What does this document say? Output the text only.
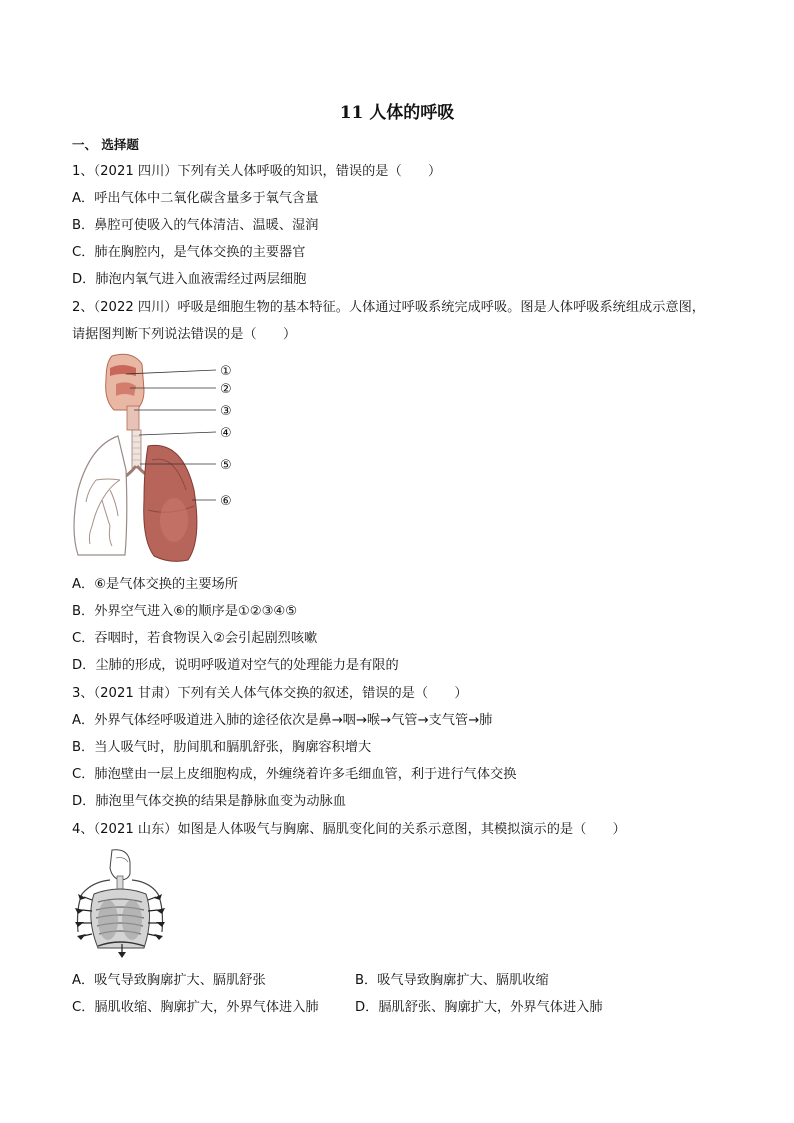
11 人体的呼吸
一、 选择题
1、（2021 四川）下列有关人体呼吸的知识，错误的是（　　）
A．呼出气体中二氧化碳含量多于氧气含量
B．鼻腔可使吸入的气体清洁、温暖、湿润
C．肺在胸腔内，是气体交换的主要器官
D．肺泡内氧气进入血液需经过两层细胞
2、（2022 四川）呼吸是细胞生物的基本特征。人体通过呼吸系统完成呼吸。图是人体呼吸系统组成示意图，
请据图判断下列说法错误的是（　　）
①
②
③
④
⑤
⑥
A．⑥是气体交换的主要场所
B．外界空气进入⑥的顺序是①②③④⑤
C．吞咽时，若食物误入②会引起剧烈咳嗽
D．尘肺的形成，说明呼吸道对空气的处理能力是有限的
3、（2021 甘肃）下列有关人体气体交换的叙述，错误的是（　　）
A．外界气体经呼吸道进入肺的途径依次是鼻→咽→喉→气管→支气管→肺
B．当人吸气时，肋间肌和膈肌舒张，胸廓容积增大
C．肺泡壁由一层上皮细胞构成，外缠绕着许多毛细血管，利于进行气体交换
D．肺泡里气体交换的结果是静脉血变为动脉血
4、（2021 山东）如图是人体吸气与胸廓、膈肌变化间的关系示意图，其模拟演示的是（　　）
A．吸气导致胸廓扩大、膈肌舒张	B．吸气导致胸廓扩大、膈肌收缩
C．膈肌收缩、胸廓扩大，外界气体进入肺	D．膈肌舒张、胸廓扩大，外界气体进入肺
